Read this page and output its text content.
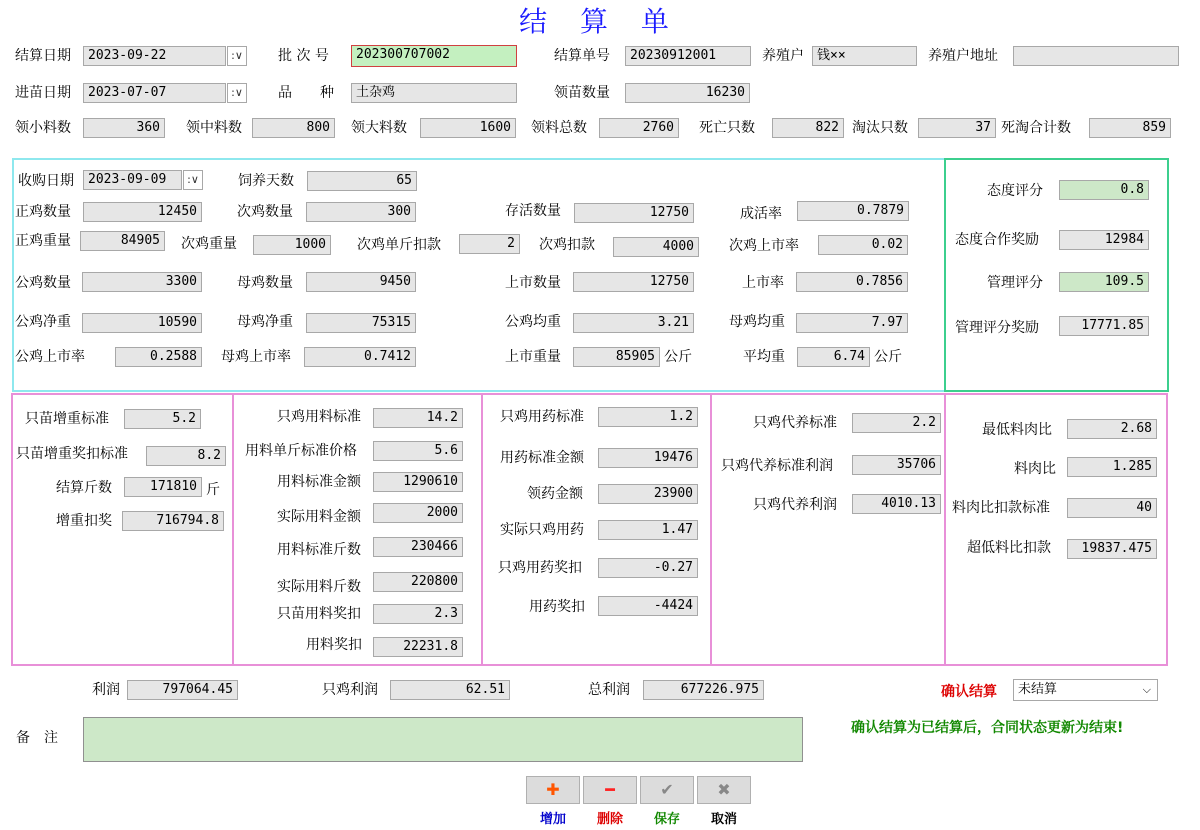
结 算 单
结算日期	2023-09-22	:∨	批 次 号	202300707002	结算单号	20230912001	养殖户	钱××	养殖户地址
进苗日期	2023-07-07	:∨	品　　种	土杂鸡	领苗数量	16230
领小料数	360	领中料数	800	领大料数	1600	领料总数	2760	死亡只数	822 淘汰只数	37 死淘合计数	859
收购日期	2023-09-09	:∨	饲养天数	65
正鸡数量	12450	次鸡数量	300	存活数量	12750	成活率	0.7879
正鸡重量	84905	次鸡重量	1000	次鸡单斤扣款	2	次鸡扣款	4000	次鸡上市率	0.02
公鸡数量	3300	母鸡数量	9450	上市数量	12750	上市率	0.7856
公鸡净重	10590	母鸡净重	75315	公鸡均重	3.21	母鸡均重	7.97
公鸡上市率	0.2588	母鸡上市率	0.7412	上市重量	85905 公斤	平均重	6.74 公斤
态度评分	0.8
态度合作奖励	12984
管理评分	109.5
管理评分奖励	17771.85
只苗增重标准	5.2
只苗增重奖扣标准	8.2
结算斤数	171810 斤
增重扣奖	716794.8
只鸡用料标准	14.2
用料单斤标准价格	5.6
用料标准金额	1290610
实际用料金额	2000
用料标准斤数	230466
实际用料斤数	220800
只苗用料奖扣	2.3
用料奖扣	22231.8
只鸡用药标准	1.2
用药标准金额	19476
领药金额	23900
实际只鸡用药	1.47
只鸡用药奖扣	-0.27
用药奖扣	-4424
只鸡代养标准	2.2
只鸡代养标准利润	35706
只鸡代养利润	4010.13
最低料肉比	2.68
料肉比	1.285
料肉比扣款标准	40
超低料比扣款	19837.475
利润	797064.45	只鸡利润	62.51	总利润	677226.975	确认结算	未结算	⌵
备　注
确认结算为已结算后，合同状态更新为结束!
✚	━	✔	✖
增加	删除	保存	取消
